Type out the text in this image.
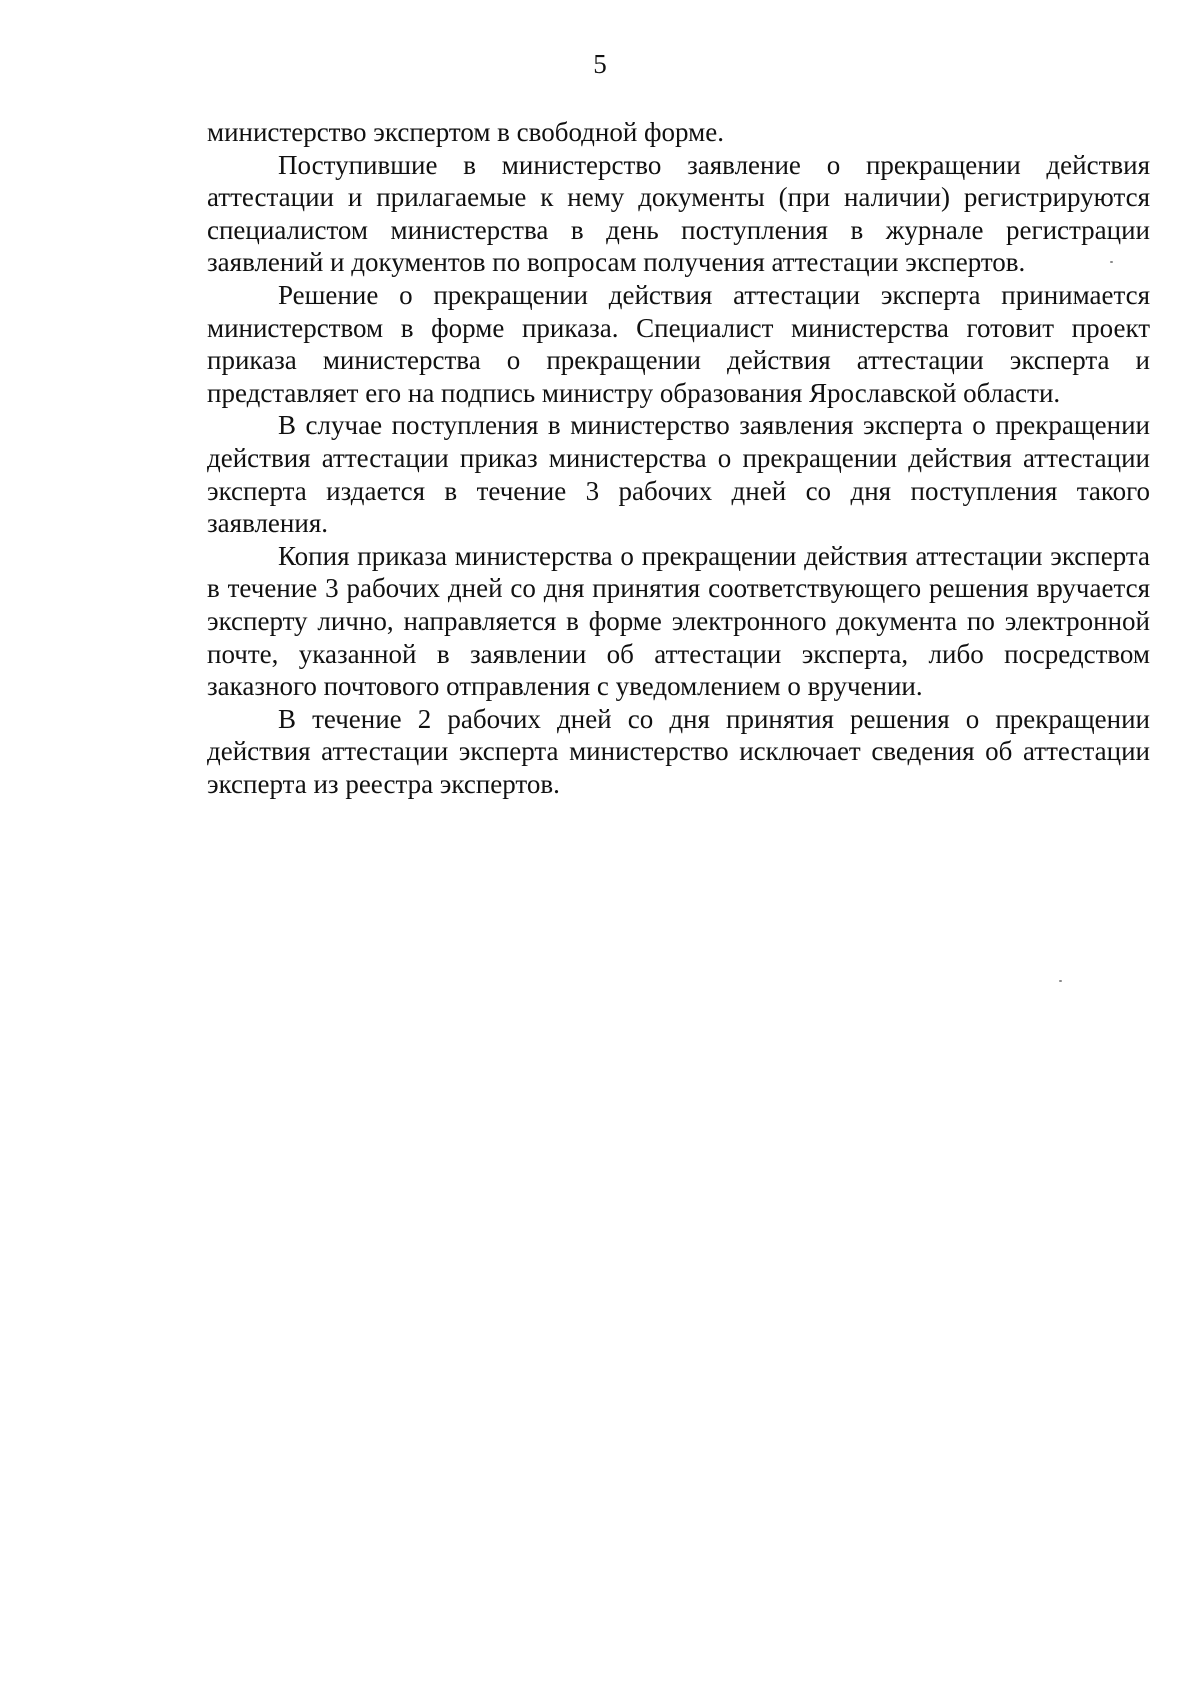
5

министерство экспертом в свободной форме.

Поступившие в министерство заявление о прекращении действия аттестации и прилагаемые к нему документы (при наличии) регистрируются специалистом министерства в день поступления в журнале регистрации заявлений и документов по вопросам получения аттестации экспертов.

Решение о прекращении действия аттестации эксперта принимается министерством в форме приказа. Специалист министерства готовит проект приказа министерства о прекращении действия аттестации эксперта и представляет его на подпись министру образования Ярославской области.

В случае поступления в министерство заявления эксперта о прекращении действия аттестации приказ министерства о прекращении действия аттестации эксперта издается в течение 3 рабочих дней со дня поступления такого заявления.

Копия приказа министерства о прекращении действия аттестации эксперта в течение 3 рабочих дней со дня принятия соответствующего решения вручается эксперту лично, направляется в форме электронного документа по электронной почте, указанной в заявлении об аттестации эксперта, либо посредством заказного почтового отправления с уведомлением о вручении.

В течение 2 рабочих дней со дня принятия решения о прекращении действия аттестации эксперта министерство исключает сведения об аттестации эксперта из реестра экспертов.
